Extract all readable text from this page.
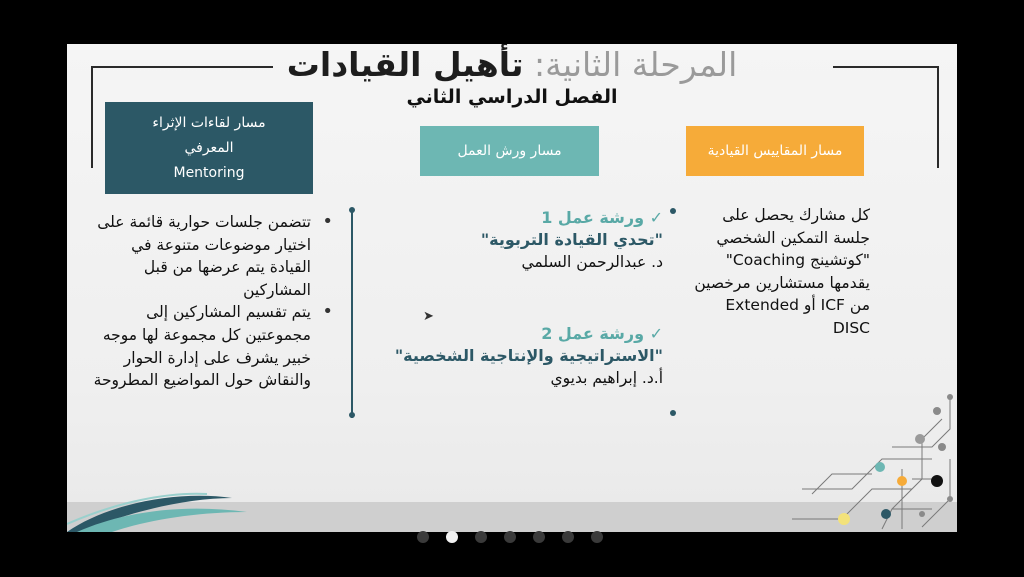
المرحلة الثانية: تأهيل القيادات
الفصل الدراسي الثاني
مسار لقاءات الإثراء
المعرفي
Mentoring
مسار ورش العمل	مسار المقاييس القيادية
• تتضمن جلسات حوارية قائمة على اختيار موضوعات متنوعة في القيادة يتم عرضها من قبل المشاركين
• يتم تقسيم المشاركين إلى مجموعتين كل مجموعة لها موجه خبير يشرف على إدارة الحوار والنقاش حول المواضيع المطروحة
✓ ورشة عمل 1
"تحدي القيادة التربوية"
د. عبدالرحمن السلمي
✓ ورشة عمل 2
"الاستراتيجية والإنتاجية الشخصية"
أ.د. إبراهيم بديوي
كل مشارك يحصل على جلسة التمكين الشخصي "كوتشينج Coaching" يقدمها مستشارين مرخصين من ICF أو Extended DISC
➤
